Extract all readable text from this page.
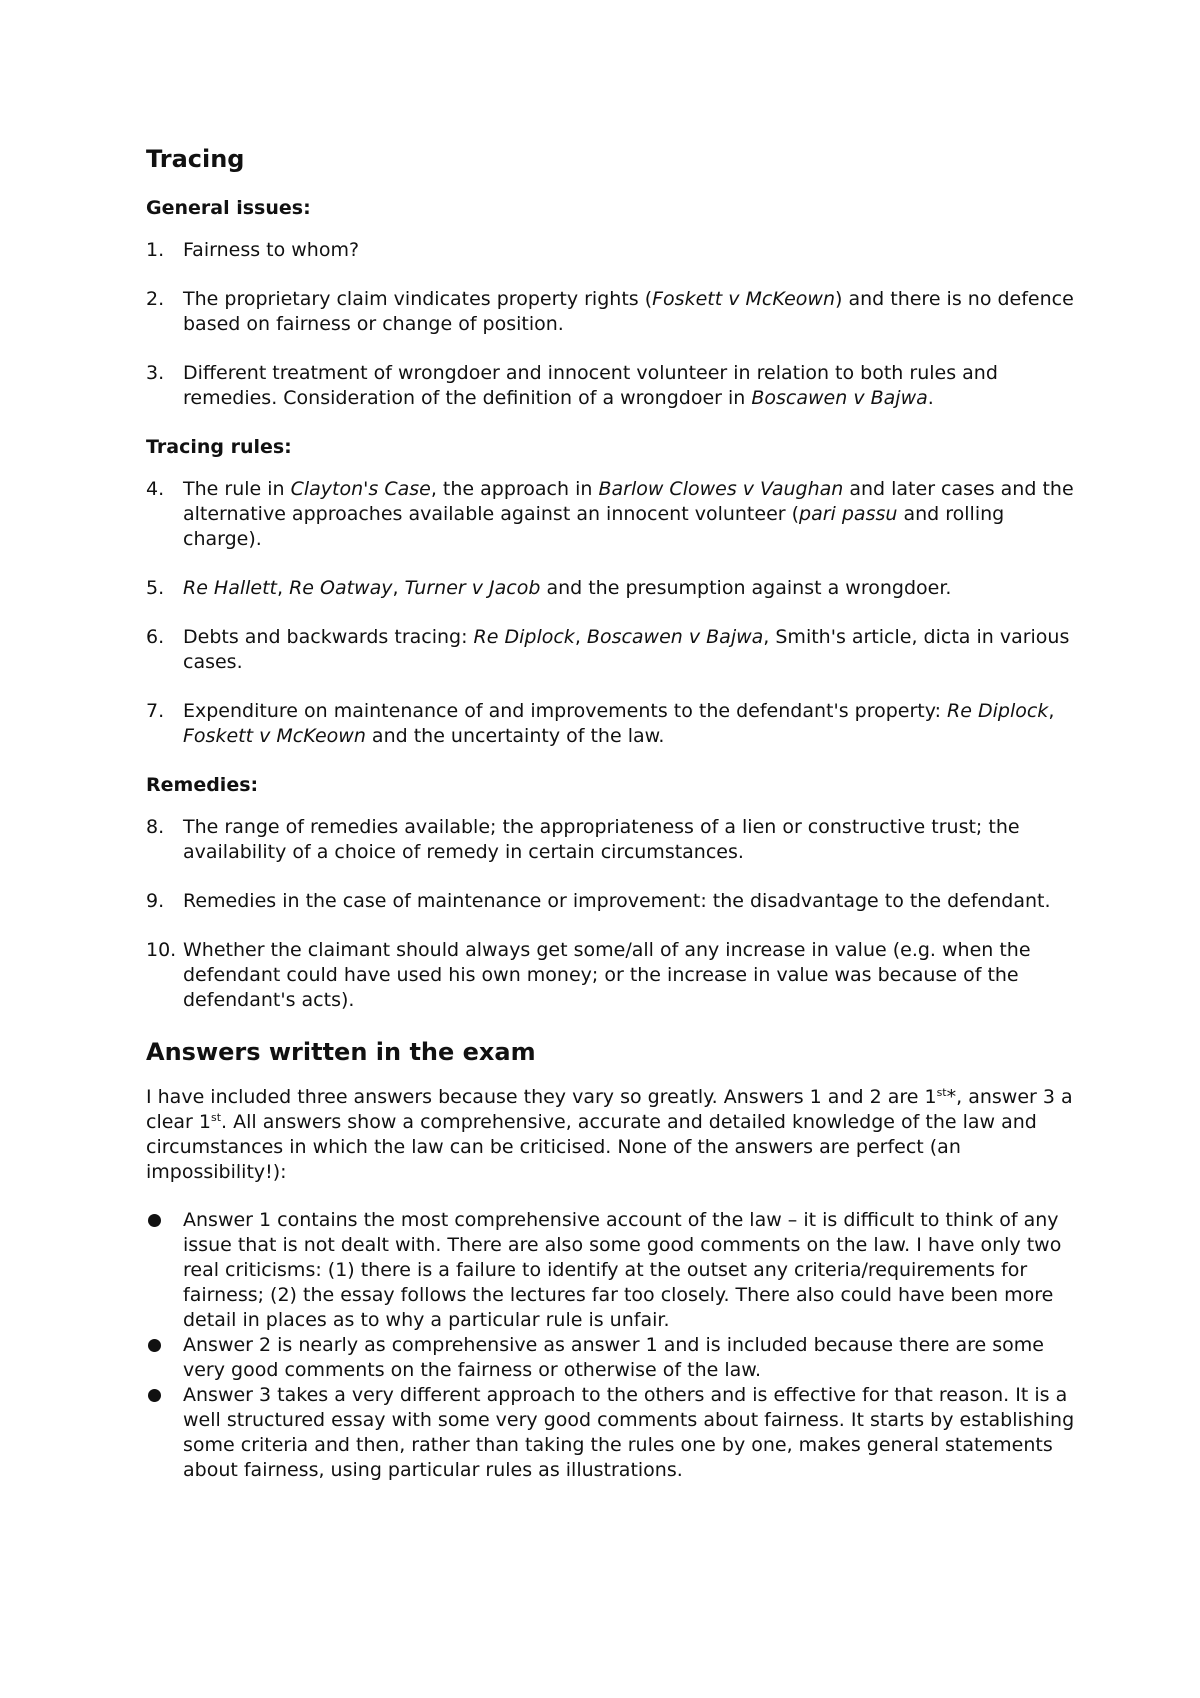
Tracing
General issues:
1. Fairness to whom?
2. The proprietary claim vindicates property rights (Foskett v McKeown) and there is no defence based on fairness or change of position.
3. Different treatment of wrongdoer and innocent volunteer in relation to both rules and remedies. Consideration of the definition of a wrongdoer in Boscawen v Bajwa.
Tracing rules:
4. The rule in Clayton's Case, the approach in Barlow Clowes v Vaughan and later cases and the alternative approaches available against an innocent volunteer (pari passu and rolling charge).
5. Re Hallett, Re Oatway, Turner v Jacob and the presumption against a wrongdoer.
6. Debts and backwards tracing: Re Diplock, Boscawen v Bajwa, Smith's article, dicta in various cases.
7. Expenditure on maintenance of and improvements to the defendant's property: Re Diplock, Foskett v McKeown and the uncertainty of the law.
Remedies:
8. The range of remedies available; the appropriateness of a lien or constructive trust; the availability of a choice of remedy in certain circumstances.
9. Remedies in the case of maintenance or improvement: the disadvantage to the defendant.
10. Whether the claimant should always get some/all of any increase in value (e.g. when the defendant could have used his own money; or the increase in value was because of the defendant's acts).
Answers written in the exam
I have included three answers because they vary so greatly. Answers 1 and 2 are 1st*, answer 3 a clear 1st. All answers show a comprehensive, accurate and detailed knowledge of the law and circumstances in which the law can be criticised. None of the answers are perfect (an impossibility!):
Answer 1 contains the most comprehensive account of the law – it is difficult to think of any issue that is not dealt with. There are also some good comments on the law. I have only two real criticisms: (1) there is a failure to identify at the outset any criteria/requirements for fairness; (2) the essay follows the lectures far too closely. There also could have been more detail in places as to why a particular rule is unfair.
Answer 2 is nearly as comprehensive as answer 1 and is included because there are some very good comments on the fairness or otherwise of the law.
Answer 3 takes a very different approach to the others and is effective for that reason. It is a well structured essay with some very good comments about fairness. It starts by establishing some criteria and then, rather than taking the rules one by one, makes general statements about fairness, using particular rules as illustrations.
